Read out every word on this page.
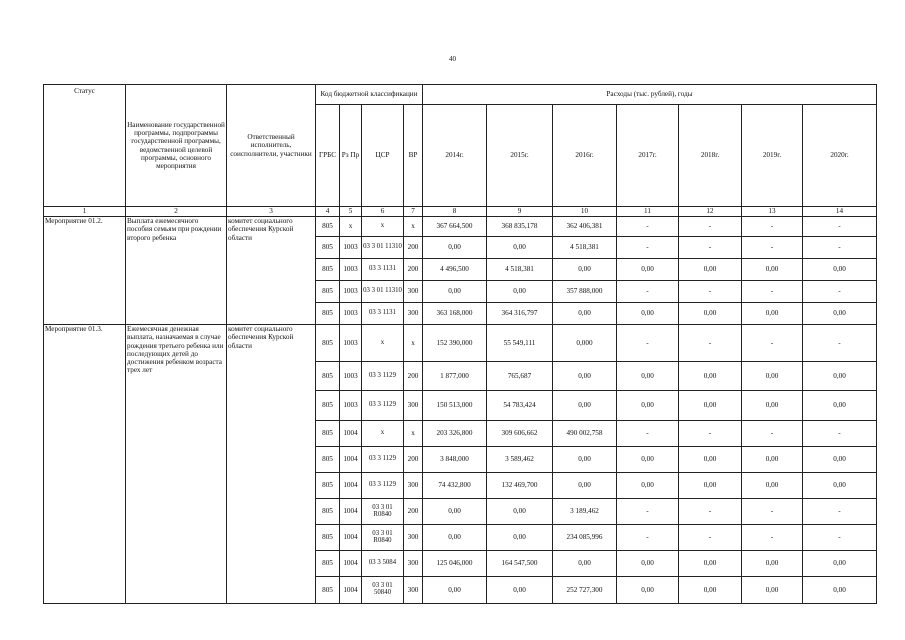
40
Статус	Наименование государственной программы, подпрограммы государственной программы, ведомственной целевой программы, основного мероприятия	Ответственный исполнитель, соисполнители, участники	Код бюджетной классификации				Расходы (тыс. рублей), годы						
			ГРБС	Рз Пр	ЦСР	ВР	2014г.	2015г.	2016г.	2017г.	2018г.	2019г.	2020г.
1	2	3	4	5	6	7	8	9	10	11	12	13	14
Мероприятие 01.2.	Выплата ежемесячного пособия семьям при рождении второго ребенка	комитет социального обеспечения Курской области	805	х	х	х	367 664,500	368 835,178	362 406,381	-	-	-	-
			805	1003	03 3 01 11310	200	0,00	0,00	4 518,381	-	-	-	-
			805	1003	03 3 1131	200	4 496,500	4 518,381	0,00	0,00	0,00	0,00	0,00
			805	1003	03 3 01 11310	300	0,00	0,00	357 888,000	-	-	-	-
			805	1003	03 3 1131	300	363 168,000	364 316,797	0,00	0,00	0,00	0,00	0,00
Мероприятие 01.3.	Ежемесячная денежная выплата, назначаемая в случае рождения третьего ребенка или последующих детей до достижения ребенком возраста трех лет	комитет социального обеспечения Курской области	805	1003	х	х	152 390,000	55 549,111	0,000	-	-	-	-
			805	1003	03 3 1129	200	1 877,000	765,687	0,00	0,00	0,00	0,00	0,00
			805	1003	03 3 1129	300	150 513,000	54 783,424	0,00	0,00	0,00	0,00	0,00
			805	1004	х	х	203 326,800	309 606,662	490 002,758	-	-	-	-
			805	1004	03 3 1129	200	3 848,000	3 589,462	0,00	0,00	0,00	0,00	0,00
			805	1004	03 3 1129	300	74 432,800	132 469,700	0,00	0,00	0,00	0,00	0,00
			805	1004	03 3 01 R0840	200	0,00	0,00	3 189,462	-	-	-	-
			805	1004	03 3 01 R0840	300	0,00	0,00	234 085,996	-	-	-	-
			805	1004	03 3 5084	300	125 046,000	164 547,500	0,00	0,00	0,00	0,00	0,00
			805	1004	03 3 01 50840	300	0,00	0,00	252 727,300	0,00	0,00	0,00	0,00
